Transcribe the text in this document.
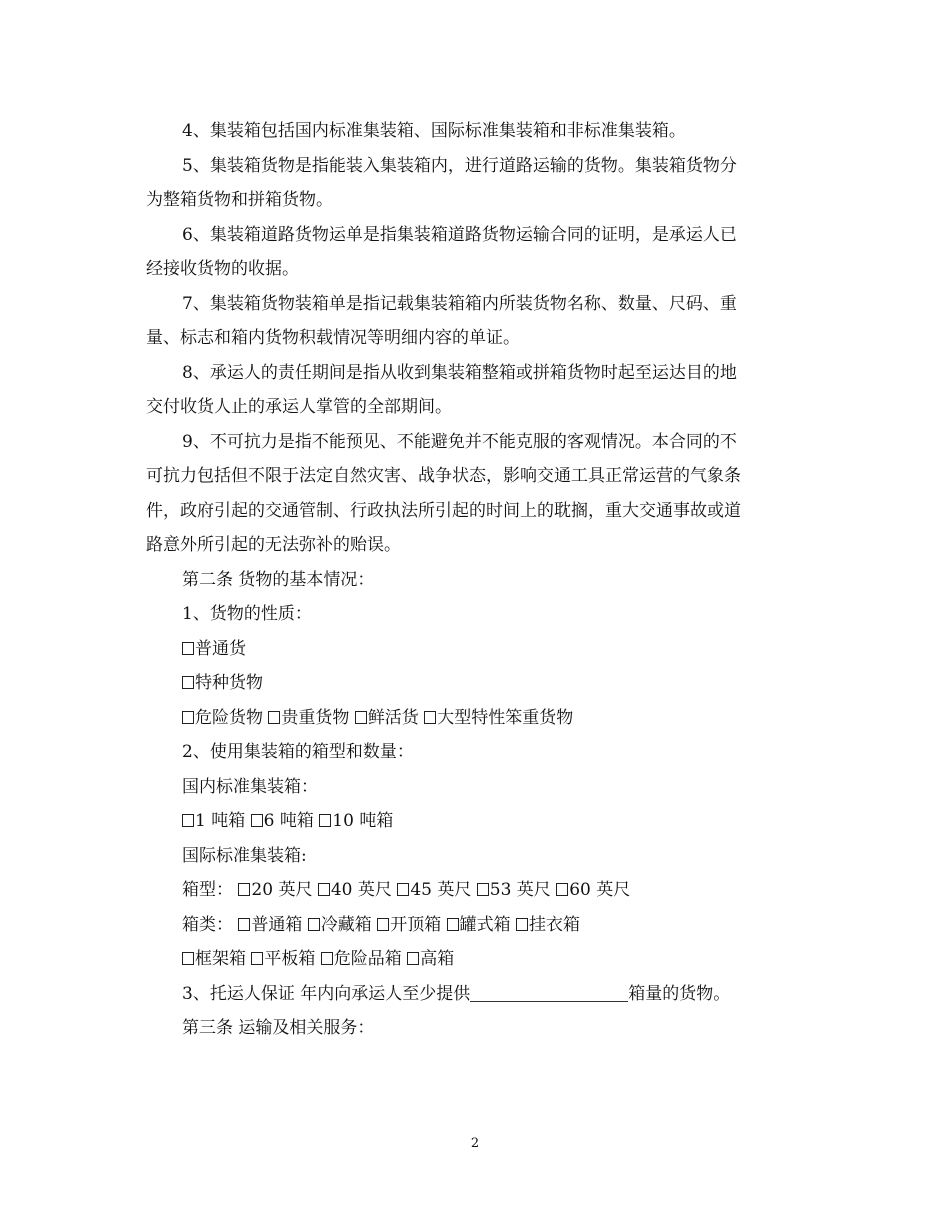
4、集装箱包括国内标准集装箱、国际标准集装箱和非标准集装箱。

5、集装箱货物是指能装入集装箱内，进行道路运输的货物。集装箱货物分

为整箱货物和拼箱货物。

6、集装箱道路货物运单是指集装箱道路货物运输合同的证明，是承运人已

经接收货物的收据。

7、集装箱货物装箱单是指记载集装箱箱内所装货物名称、数量、尺码、重

量、标志和箱内货物积载情况等明细内容的单证。

8、承运人的责任期间是指从收到集装箱整箱或拼箱货物时起至运达目的地

交付收货人止的承运人掌管的全部期间。

9、不可抗力是指不能预见、不能避免并不能克服的客观情况。本合同的不

可抗力包括但不限于法定自然灾害、战争状态，影响交通工具正常运营的气象条

件，政府引起的交通管制、行政执法所引起的时间上的耽搁，重大交通事故或道

路意外所引起的无法弥补的贻误。

第二条 货物的基本情况：

1、货物的性质：

普通货

特种货物

危险货物 贵重货物 鲜活货 大型特性笨重货物

2、使用集装箱的箱型和数量：

国内标准集装箱：

1 吨箱 6 吨箱 10 吨箱

国际标准集装箱:

箱型： 20 英尺 40 英尺 45 英尺 53 英尺 60 英尺

箱类： 普通箱 冷藏箱 开顶箱 罐式箱 挂衣箱

框架箱 平板箱 危险品箱 高箱

3、托运人保证 年内向承运人至少提供	箱量的货物。

第三条 运输及相关服务：

2
